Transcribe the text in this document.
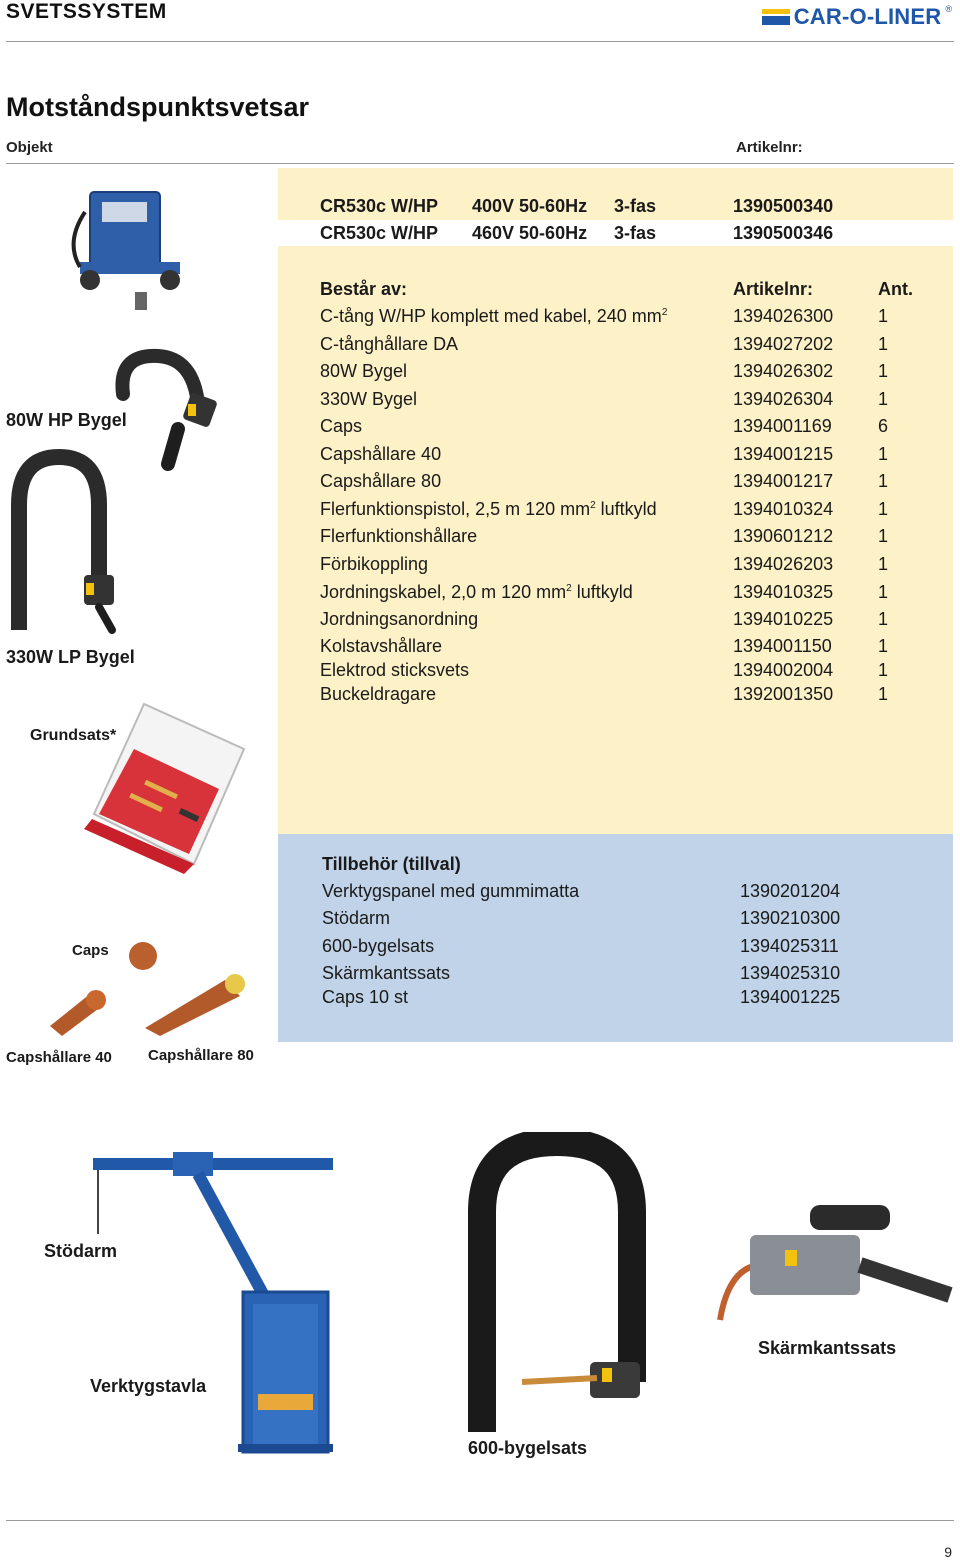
SVETSSYSTEM	CAR-O-LINER ®
Motståndspunktsvetsar
Objekt	Artikelnr:
CR530c W/HP 400V 50-60Hz 3-fas	1390500340
CR530c W/HP 460V 50-60Hz 3-fas	1390500346
Består av:	Artikelnr:	Ant.
C-tång W/HP komplett med kabel, 240 $mm^2$	1394026300 1
C-tånghållare DA	1394027202 1
80W Bygel	1394026302 1
330W Bygel	1394026304 1
Caps	1394001169	6
Capshållare 40	1394001215 1
Capshållare 80	1394001217 1
Flerfunktionspistol, 2,5 m 120 $mm^2$ luftkyld	1394010324 1
Flerfunktionshållare	1390601212 1
Förbikoppling	1394026203 1
Jordningskabel, 2,0 m 120 $mm^2$ luftkyld	1394010325 1
Jordningsanordning	1394010225 1
Kolstavshållare	1394001150	1
Elektrod sticksvets	1394002004 1
Buckeldragare	1392001350 1
Tillbehör (tillval)
Verktygspanel med gummimatta	1390201204
Stödarm	1390210300
600-bygelsats	1394025311
Skärmkantssats	1394025310
Caps 10 st	1394001225
80W HP Bygel
330W LP Bygel
Grundsats*
Caps
Capshållare 40 Capshållare 80
Stödarm
Verktygstavla
600-bygelsats
Skärmkantssats
9
